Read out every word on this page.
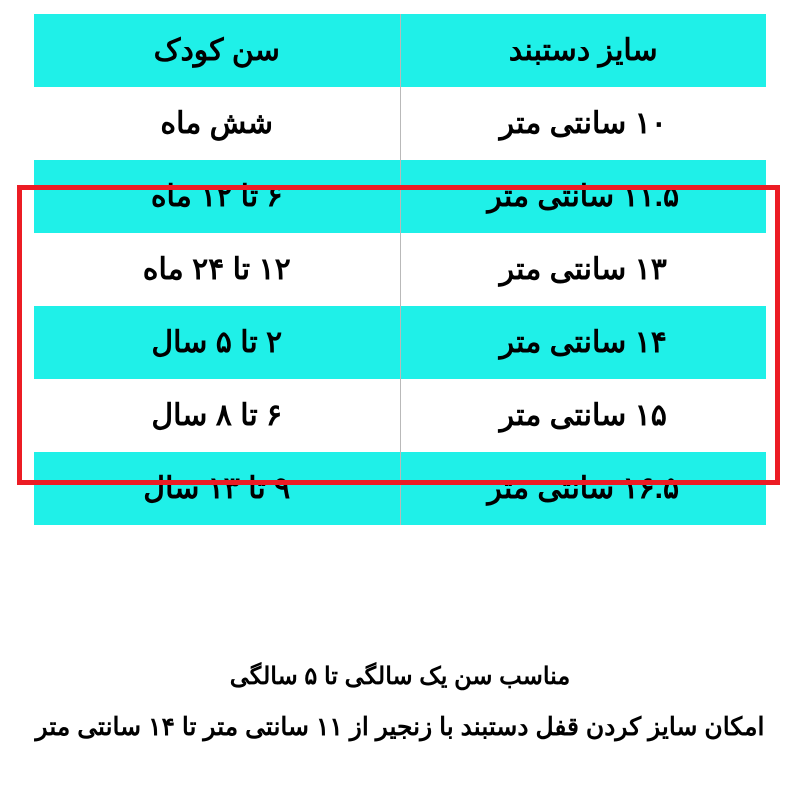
سایز دستبند	سن کودک
۱۰ سانتی متر	شش ماه
۱۱.۵ سانتی متر	۶ تا ۱۲ ماه
۱۳ سانتی متر	۱۲ تا ۲۴ ماه
۱۴ سانتی متر	۲ تا ۵ سال
۱۵ سانتی متر	۶ تا ۸ سال
۱۶.۵ سانتی متر	۹ تا ۱۳ سال
مناسب سن یک سالگی تا ۵ سالگی
امکان سایز کردن قفل دستبند با زنجیر از ۱۱ سانتی متر تا ۱۴ سانتی متر
